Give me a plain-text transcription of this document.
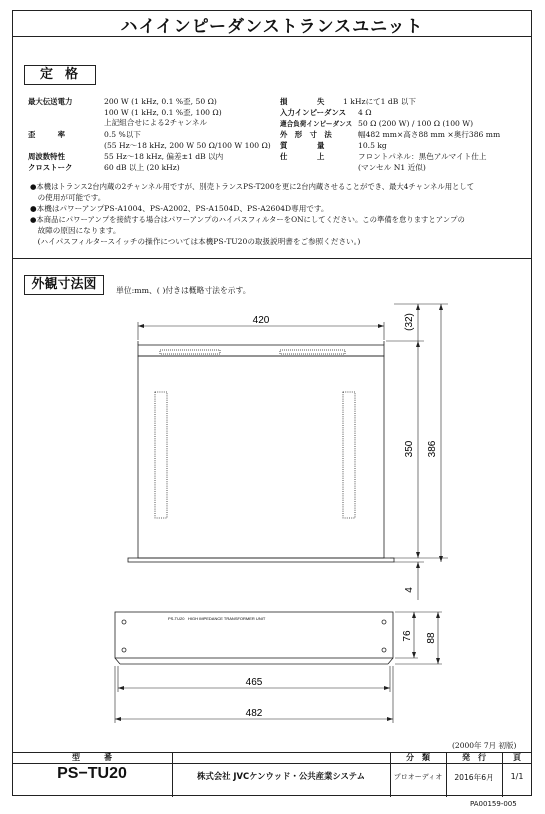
ハイインピーダンストランスユニット
定格
最大伝送電力	200 W (1 kHz, 0.1 %歪, 50 Ω)
100 W (1 kHz, 0.1 %歪, 100 Ω)
上記組合せによる2チャンネル
歪　　　率	0.5 %以下
(55 Hz〜18 kHz, 200 W 50 Ω/100 W 100 Ω)
周波数特性	55 Hz〜18 kHz, 偏差±1 dB 以内
クロストーク	60 dB 以上 (20 kHz)
損　　　　失 1 kHzにて1 dB 以下
入力インピーダンス 4 Ω
適合負荷インピーダンス 50 Ω (200 W) / 100 Ω (100 W)
外　形　寸　法	幅482 mm×高さ88 mm ×奥行386 mm
質　　　　量	10.5 kg
仕　　　　上	フロントパネル：黒色アルマイト仕上
(マンセル N1 近似)
●本機はトランス2台内蔵の2チャンネル用ですが、別売トランスPS-T200を更に2台内蔵させることができ、最大4チャンネル用として
　の使用が可能です。
●本機はパワーアンプPS-A1004、PS-A2002、PS-A1504D、PS-A2604D専用です。
●本商品にパワーアンプを接続する場合はパワーアンプのハイパスフィルターをONにしてください。この準備を怠りますとアンプの
　故障の原因になります。
　(ハイパスフィルタースイッチの操作については本機PS-TU20の取扱説明書をご参照ください。)
外観寸法図	単位:mm、( )付きは概略寸法を示す。
420	(32)
350 386
4
PS-TU20 HIGH IMPEDANCE TRANSFORMER UNIT
76 88
465
482
(2000年 7月 初版)
型　　　番
PS−TU20	株式会社 JVCケンウッド・公共産業システム
分　類
プロオーディオ
発　行
2016年6月
頁
1/1
PA00159-005
